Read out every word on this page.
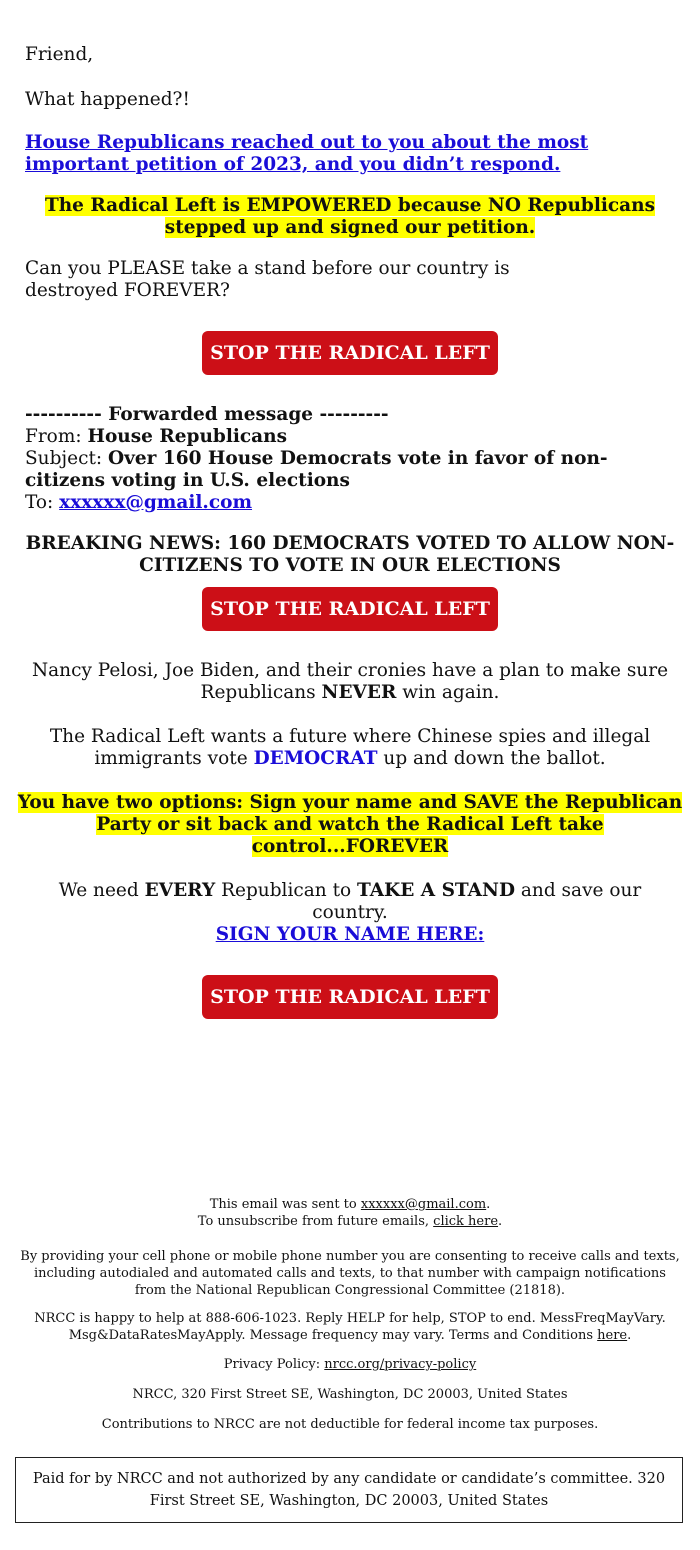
Friend,

What happened?!

House Republicans reached out to you about the most important petition of 2023, and you didn’t respond.

The Radical Left is EMPOWERED because NO Republicans stepped up and signed our petition.

Can you PLEASE take a stand before our country is destroyed FOREVER?

STOP THE RADICAL LEFT
---------- Forwarded message ---------
From: House Republicans
Subject: Over 160 House Democrats vote in favor of non-citizens voting in U.S. elections
To: xxxxxx@gmail.com

BREAKING NEWS: 160 DEMOCRATS VOTED TO ALLOW NON-CITIZENS TO VOTE IN OUR ELECTIONS

STOP THE RADICAL LEFT

Nancy Pelosi, Joe Biden, and their cronies have a plan to make sure Republicans NEVER win again.

The Radical Left wants a future where Chinese spies and illegal immigrants vote DEMOCRAT up and down the ballot.

You have two options: Sign your name and SAVE the Republican Party or sit back and watch the Radical Left take control...FOREVER

We need EVERY Republican to TAKE A STAND and save our country.

SIGN YOUR NAME HERE:

STOP THE RADICAL LEFT
This email was sent to xxxxxx@gmail.com.
To unsubscribe from future emails, click here.
By providing your cell phone or mobile phone number you are consenting to receive calls and texts, including autodialed and automated calls and texts, to that number with campaign notifications from the National Republican Congressional Committee (21818).
NRCC is happy to help at 888-606-1023. Reply HELP for help, STOP to end. MessFreqMayVary. Msg&DataRatesMayApply. Message frequency may vary. Terms and Conditions here.
Privacy Policy: nrcc.org/privacy-policy
NRCC, 320 First Street SE, Washington, DC 20003, United States
Contributions to NRCC are not deductible for federal income tax purposes.
Paid for by NRCC and not authorized by any candidate or candidate’s committee. 320 First Street SE, Washington, DC 20003, United States
